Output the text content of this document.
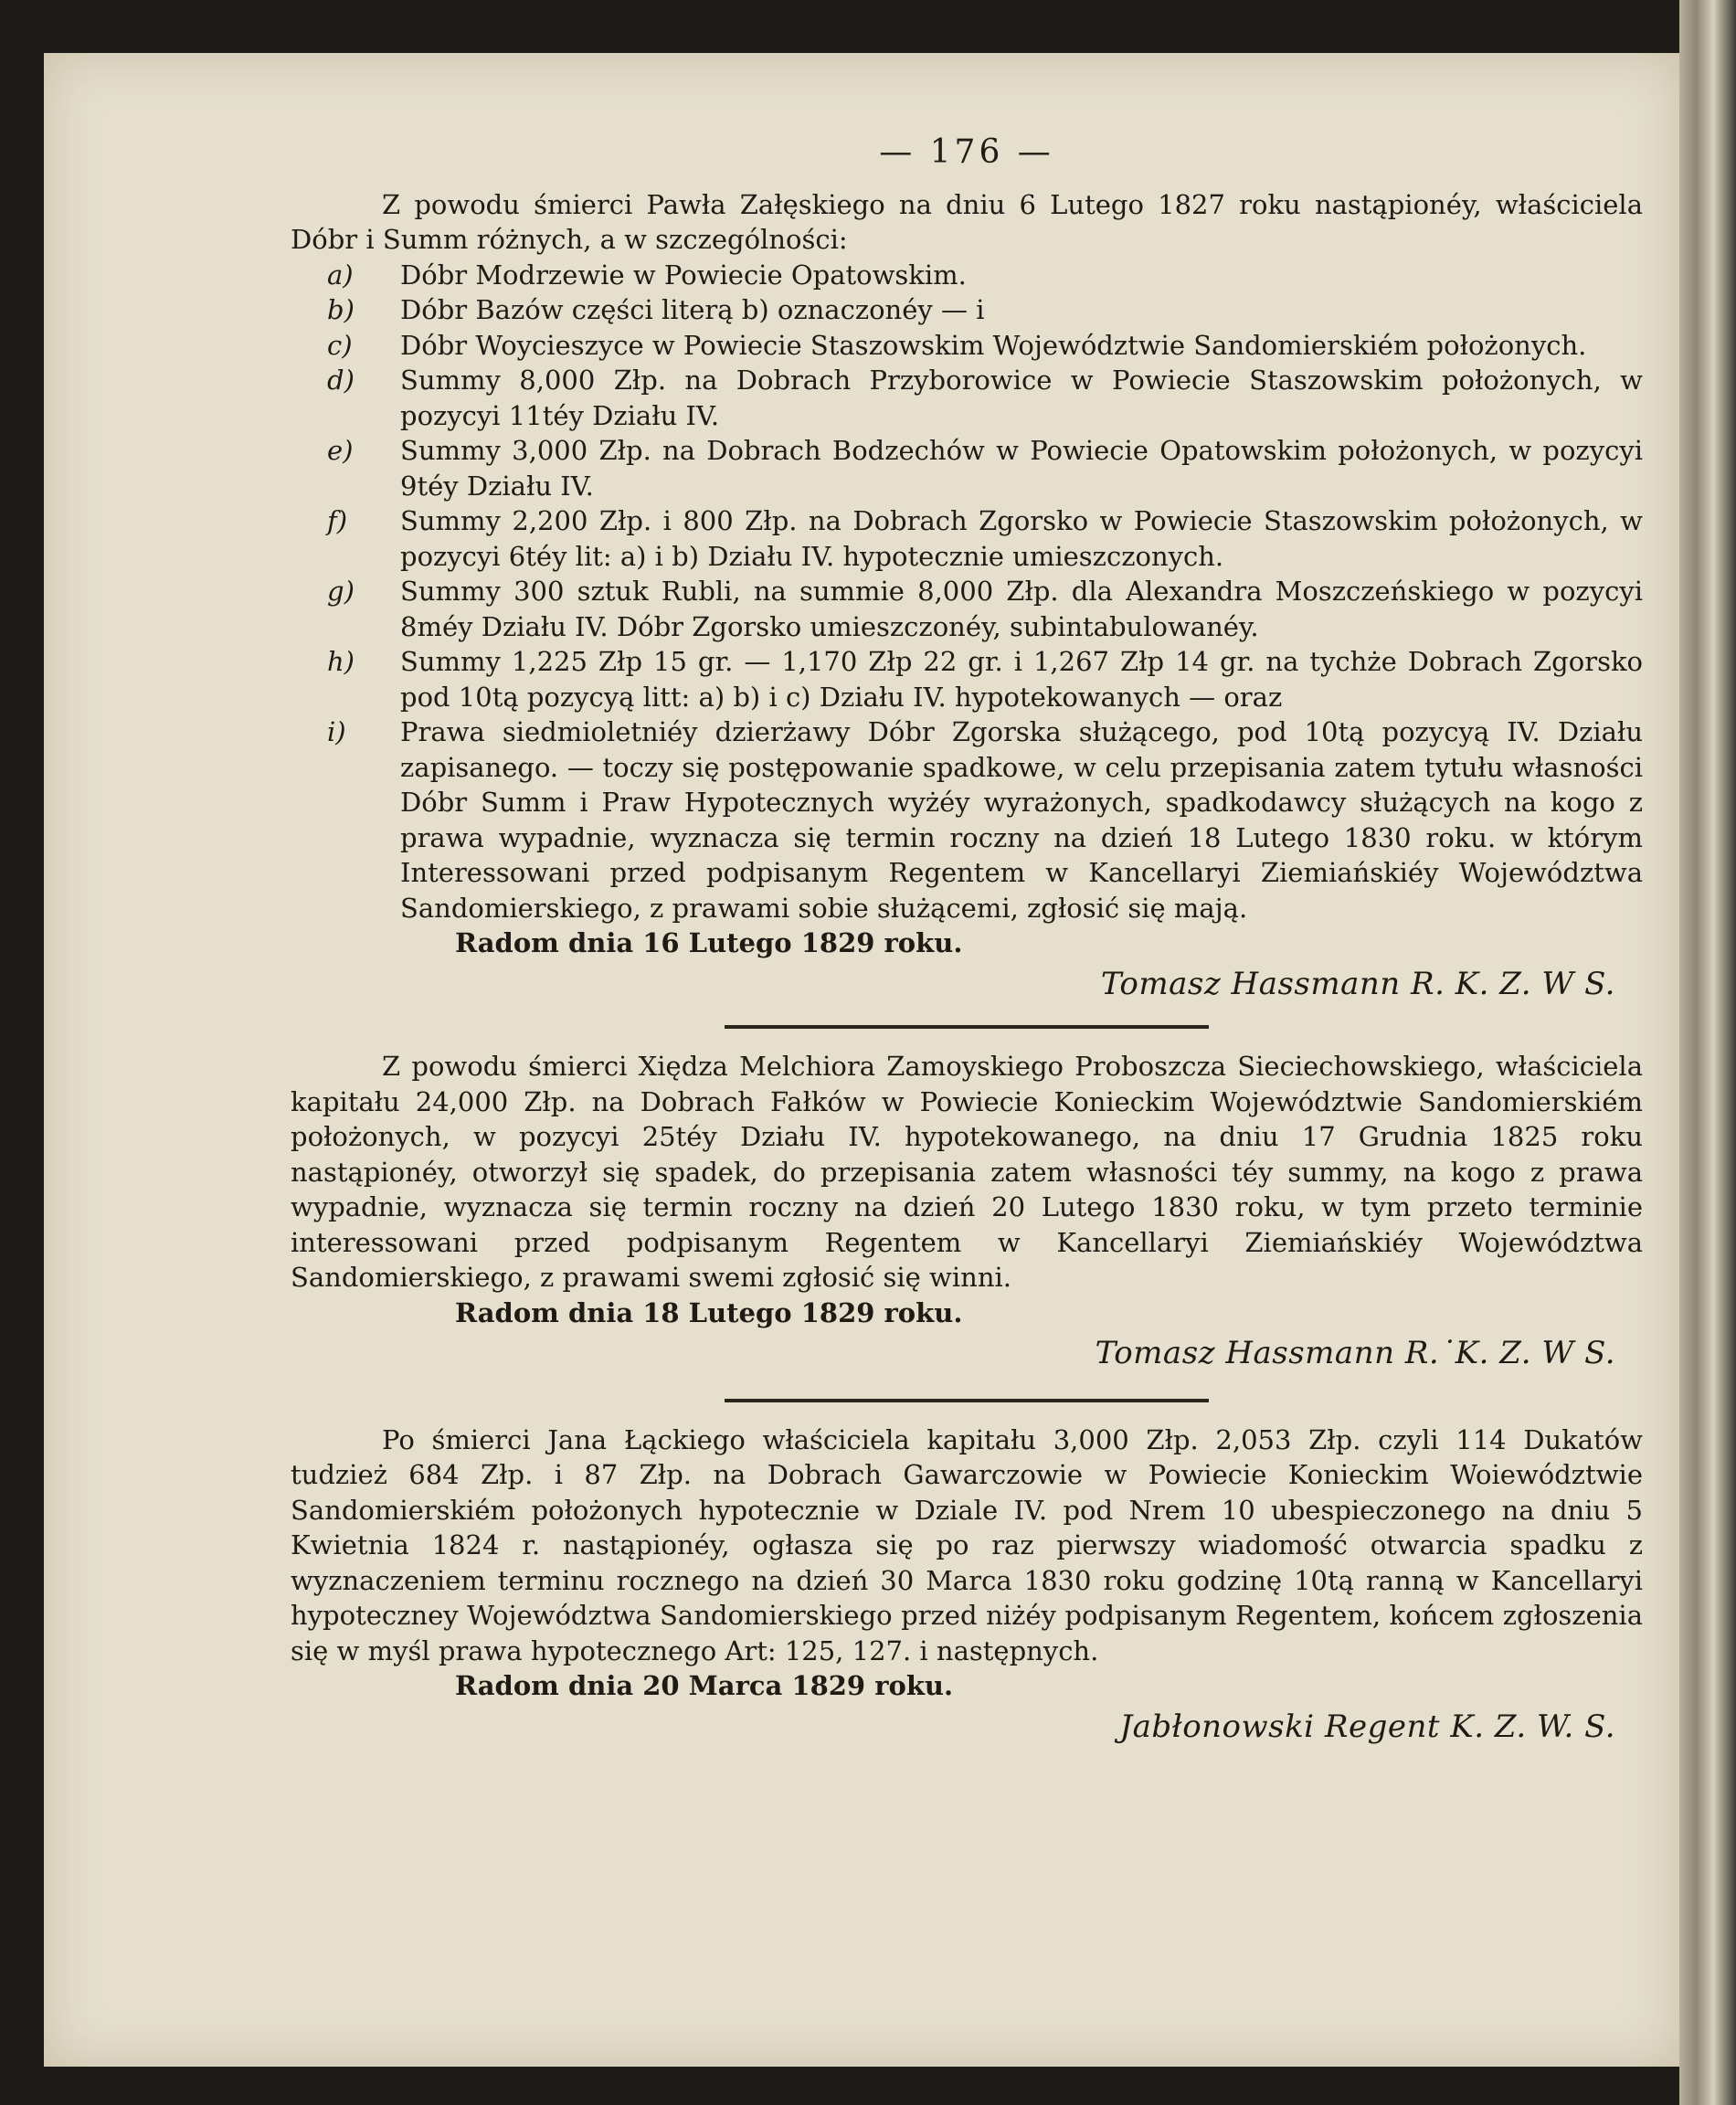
— 176 —

Z powodu śmierci Pawła Załęskiego na dniu 6 Lutego 1827 roku nastąpionéy, właściciela Dóbr i Summ różnych, a w szczególności:

a) Dóbr Modrzewie w Powiecie Opatowskim.
b) Dóbr Bazów części literą b) oznaczonéy — i
c) Dóbr Woycieszyce w Powiecie Staszowskim Województwie Sandomierskiém położonych.
d) Summy 8,000 Złp. na Dobrach Przyborowice w Powiecie Staszowskim położonych, w pozycyi 11téy Działu IV.
e) Summy 3,000 Złp. na Dobrach Bodzechów w Powiecie Opatowskim położonych, w pozycyi 9téy Działu IV.
f) Summy 2,200 Złp. i 800 Złp. na Dobrach Zgorsko w Powiecie Staszowskim położonych, w pozycyi 6téy lit: a) i b) Działu IV. hypotecznie umieszczonych.
g) Summy 300 sztuk Rubli, na summie 8,000 Złp. dla Alexandra Moszczeńskiego w pozycyi 8méy Działu IV. Dóbr Zgorsko umieszczonéy, subintabulowanéy.
h) Summy 1,225 Złp 15 gr. — 1,170 Złp 22 gr. i 1,267 Złp 14 gr. na tychże Dobrach Zgorsko pod 10tą pozycyą litt: a) b) i c) Działu IV. hypotekowanych — oraz
i) Prawa siedmioletniéy dzierżawy Dóbr Zgorska służącego, pod 10tą pozycyą IV. Działu zapisanego. — toczy się postępowanie spadkowe, w celu przepisania zatem tytułu własności Dóbr Summ i Praw Hypotecznych wyżéy wyrażonych, spadkodawcy służących na kogo z prawa wypadnie, wyznacza się termin roczny na dzień 18 Lutego 1830 roku. w którym Interessowani przed podpisanym Regentem w Kancellaryi Ziemiańskiéy Województwa Sandomierskiego, z prawami sobie służącemi, zgłosić się mają.

Radom dnia 16 Lutego 1829 roku.

Tomasz Hassmann R. K. Z. W S.

Z powodu śmierci Xiędza Melchiora Zamoyskiego Proboszcza Sieciechowskiego, właściciela kapitału 24,000 Złp. na Dobrach Fałków w Powiecie Konieckim Województwie Sandomierskiém położonych, w pozycyi 25téy Działu IV. hypotekowanego, na dniu 17 Grudnia 1825 roku nastąpionéy, otworzył się spadek, do przepisania zatem własności téy summy, na kogo z prawa wypadnie, wyznacza się termin roczny na dzień 20 Lutego 1830 roku, w tym przeto terminie interessowani przed podpisanym Regentem w Kancellaryi Ziemiańskiéy Województwa Sandomierskiego, z prawami swemi zgłosić się winni.

Radom dnia 18 Lutego 1829 roku.

Tomasz Hassmann R.˙K. Z. W S.

Po śmierci Jana Łąckiego właściciela kapitału 3,000 Złp. 2,053 Złp. czyli 114 Dukatów tudzież 684 Złp. i 87 Złp. na Dobrach Gawarczowie w Powiecie Konieckim Woiewództwie Sandomierskiém położonych hypotecznie w Dziale IV. pod Nrem 10 ubespieczonego na dniu 5 Kwietnia 1824 r. nastąpionéy, ogłasza się po raz pierwszy wiadomość otwarcia spadku z wyznaczeniem terminu rocznego na dzień 30 Marca 1830 roku godzinę 10tą ranną w Kancellaryi hypoteczney Województwa Sandomierskiego przed niżéy podpisanym Regentem, końcem zgłoszenia się w myśl prawa hypotecznego Art: 125, 127. i następnych.

Radom dnia 20 Marca 1829 roku.

Jabłonowski Regent K. Z. W. S.
